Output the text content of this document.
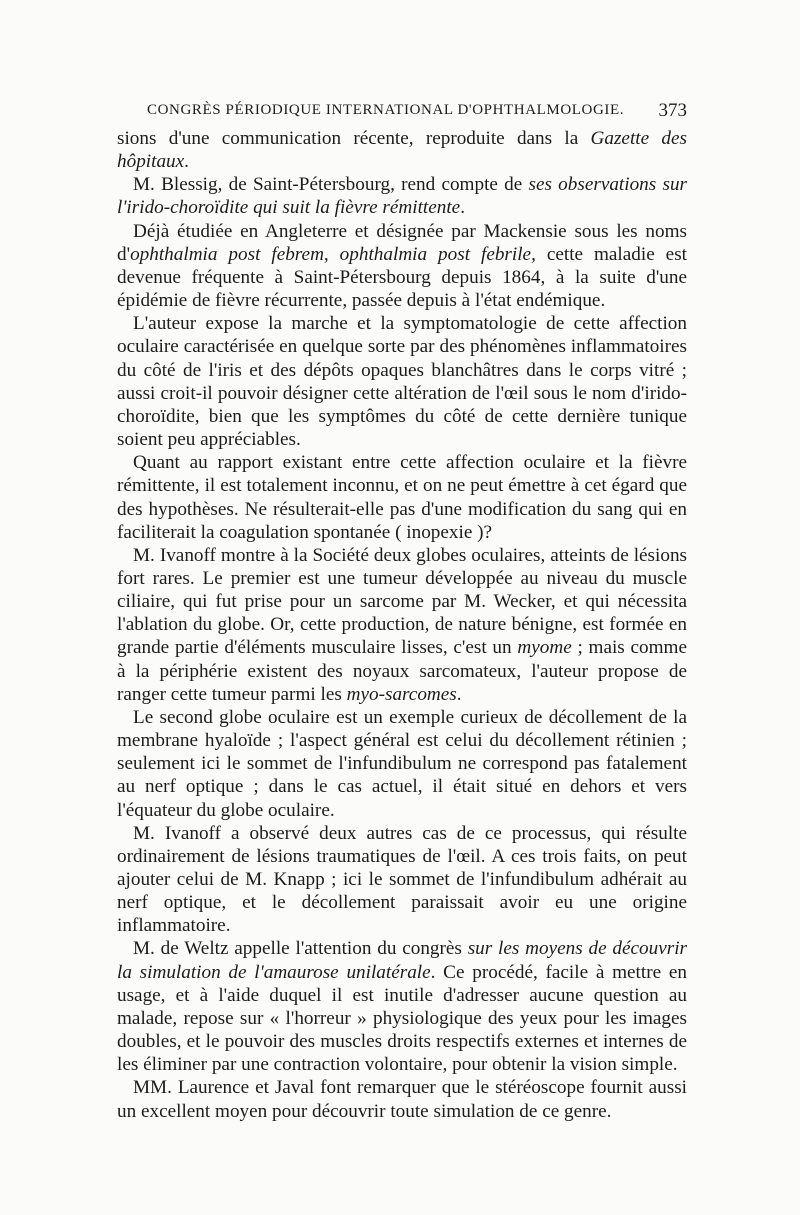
CONGRÈS PÉRIODIQUE INTERNATIONAL D'OPHTHALMOLOGIE. 373

sions d'une communication récente, reproduite dans la Gazette des hôpitaux.

M. Blessig, de Saint-Pétersbourg, rend compte de ses observations sur l'irido-choroïdite qui suit la fièvre rémittente.

Déjà étudiée en Angleterre et désignée par Mackensie sous les noms d'ophthalmia post febrem, ophthalmia post febrile, cette maladie est devenue fréquente à Saint-Pétersbourg depuis 1864, à la suite d'une épidémie de fièvre récurrente, passée depuis à l'état endémique.

L'auteur expose la marche et la symptomatologie de cette affection oculaire caractérisée en quelque sorte par des phénomènes inflammatoires du côté de l'iris et des dépôts opaques blanchâtres dans le corps vitré ; aussi croit-il pouvoir désigner cette altération de l'œil sous le nom d'irido-choroïdite, bien que les symptômes du côté de cette dernière tunique soient peu appréciables.

Quant au rapport existant entre cette affection oculaire et la fièvre rémittente, il est totalement inconnu, et on ne peut émettre à cet égard que des hypothèses. Ne résulterait-elle pas d'une modification du sang qui en faciliterait la coagulation spontanée ( inopexie )?

M. Ivanoff montre à la Société deux globes oculaires, atteints de lésions fort rares. Le premier est une tumeur développée au niveau du muscle ciliaire, qui fut prise pour un sarcome par M. Wecker, et qui nécessita l'ablation du globe. Or, cette production, de nature bénigne, est formée en grande partie d'éléments musculaire lisses, c'est un myome ; mais comme à la périphérie existent des noyaux sarcomateux, l'auteur propose de ranger cette tumeur parmi les myo-sarcomes.

Le second globe oculaire est un exemple curieux de décollement de la membrane hyaloïde ; l'aspect général est celui du décollement rétinien ; seulement ici le sommet de l'infundibulum ne correspond pas fatalement au nerf optique ; dans le cas actuel, il était situé en dehors et vers l'équateur du globe oculaire.

M. Ivanoff a observé deux autres cas de ce processus, qui résulte ordinairement de lésions traumatiques de l'œil. A ces trois faits, on peut ajouter celui de M. Knapp ; ici le sommet de l'infundibulum adhérait au nerf optique, et le décollement paraissait avoir eu une origine inflammatoire.

M. de Weltz appelle l'attention du congrès sur les moyens de découvrir la simulation de l'amaurose unilatérale. Ce procédé, facile à mettre en usage, et à l'aide duquel il est inutile d'adresser aucune question au malade, repose sur « l'horreur » physiologique des yeux pour les images doubles, et le pouvoir des muscles droits respectifs externes et internes de les éliminer par une contraction volontaire, pour obtenir la vision simple.

MM. Laurence et Javal font remarquer que le stéréoscope fournit aussi un excellent moyen pour découvrir toute simulation de ce genre.
